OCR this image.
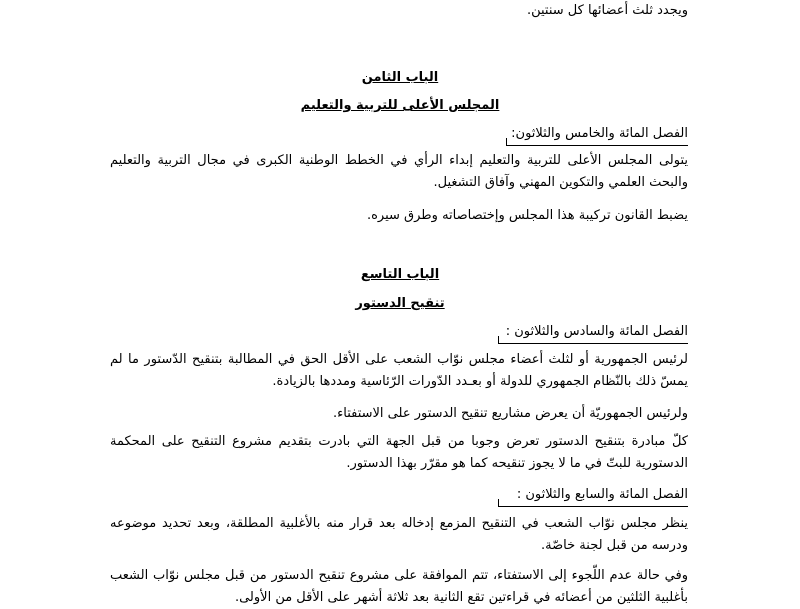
ويجدد ثلث أعضائها كل سنتين.
الباب الثامن
المجلس الأعلى للتربية والتعليم
الفصل المائة والخامس والثلاثون:
يتولى المجلس الأعلى للتربية والتعليم إبداء الرأي في الخطط الوطنية الكبرى في مجال التربية والتعليم والبحث العلمي والتكوين المهني وآفاق التشغيل.
يضبط القانون تركيبة هذا المجلس وإختصاصاته وطرق سيره.
الباب التاسع
تنقيح الدستور
الفصل المائة والسادس والثلاثون :
لرئيس الجمهورية أو لثلث أعضاء مجلس نوّاب الشعب على الأقل الحق في المطالبة بتنقيح الدّستور ما لم يمسّ ذلك بالنّظام الجمهوري للدولة أو بعـدد الدّورات الرّئاسية ومددها بالزيادة.
ولرئيس الجمهوريّة أن يعرض مشاريع تنقيح الدستور على الاستفتاء.
كلّ مبادرة بتنقيح الدستور تعرض وجوبا من قبل الجهة التي بادرت بتقديم مشروع التنقيح على المحكمة الدستورية للبتّ في ما لا يجوز تنقيحه كما هو مقرّر بهذا الدستور.
الفصل المائة والسابع والثلاثون :
ينظر مجلس نوّاب الشعب في التنقيح المزمع إدخاله بعد قرار منه بالأغلبية المطلقة، وبعد تحديد موضوعه ودرسه من قبل لجنة خاصّة.
وفي حالة عدم اللّجوء إلى الاستفتاء، تتم الموافقة على مشروع تنقيح الدستور من قبل مجلس نوّاب الشعب بأغلبية الثلثين من أعضائه في قراءتين تقع الثانية بعد ثلاثة أشهر على الأقل من الأولى.
